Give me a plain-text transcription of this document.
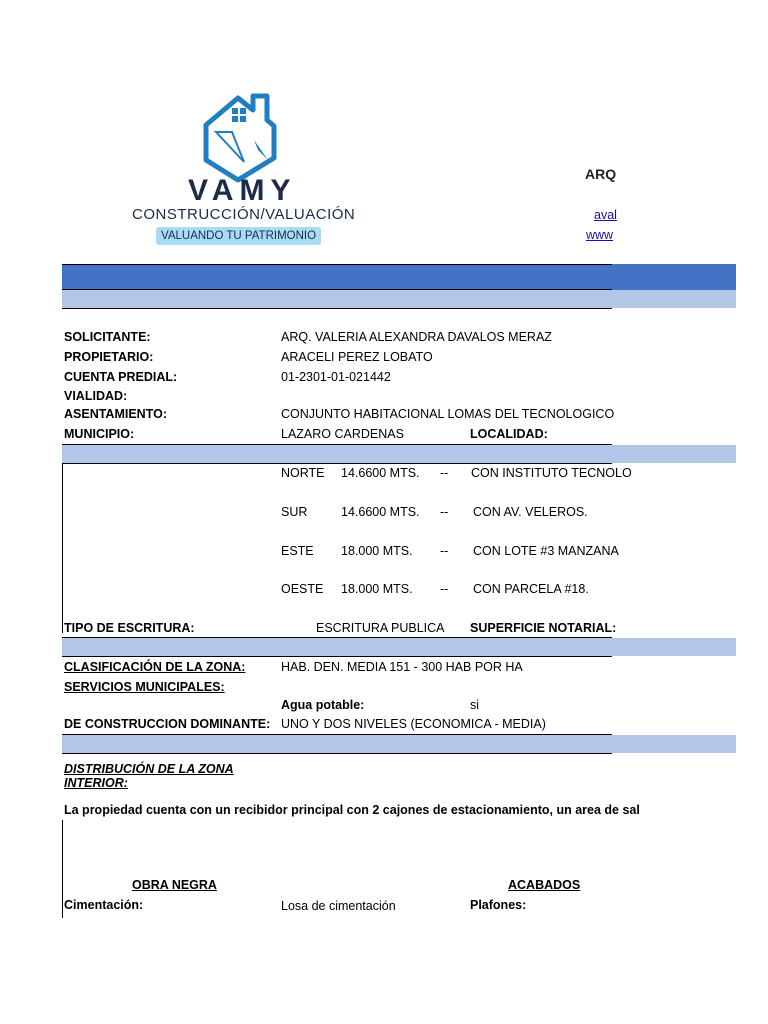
VAMY
CONSTRUCCIÓN/VALUACIÓN
VALUANDO TU PATRIMONIO
ARQ
aval
www
SOLICITANTE:	ARQ. VALERIA ALEXANDRA DAVALOS MERAZ
PROPIETARIO:	ARACELI PEREZ LOBATO
CUENTA PREDIAL:	01-2301-01-021442
VIALIDAD:
ASENTAMIENTO:	CONJUNTO HABITACIONAL LOMAS DEL TECNOLOGICO
MUNICIPIO:	LAZARO CARDENAS	LOCALIDAD:
NORTE 14.6600 MTS. -- CON INSTITUTO TECNOLO
SUR	14.6600 MTS. -- CON AV. VELEROS.
ESTE 18.000 MTS. -- CON LOTE #3 MANZANA
OESTE 18.000 MTS. -- CON PARCELA #18.
TIPO DE ESCRITURA:	ESCRITURA PUBLICA SUPERFICIE NOTARIAL:
CLASIFICACIÓN DE LA ZONA:	HAB. DEN. MEDIA 151 - 300 HAB POR HA
SERVICIOS MUNICIPALES:
Agua potable:	si
DE CONSTRUCCION DOMINANTE: UNO Y DOS NIVELES (ECONOMICA - MEDIA)
DISTRIBUCIÓN DE LA ZONA
INTERIOR:
La propiedad cuenta con un recibidor principal con 2 cajones de estacionamiento, un area de sal
OBRA NEGRA	ACABADOS
Cimentación:	Losa de cimentación	Plafones:
